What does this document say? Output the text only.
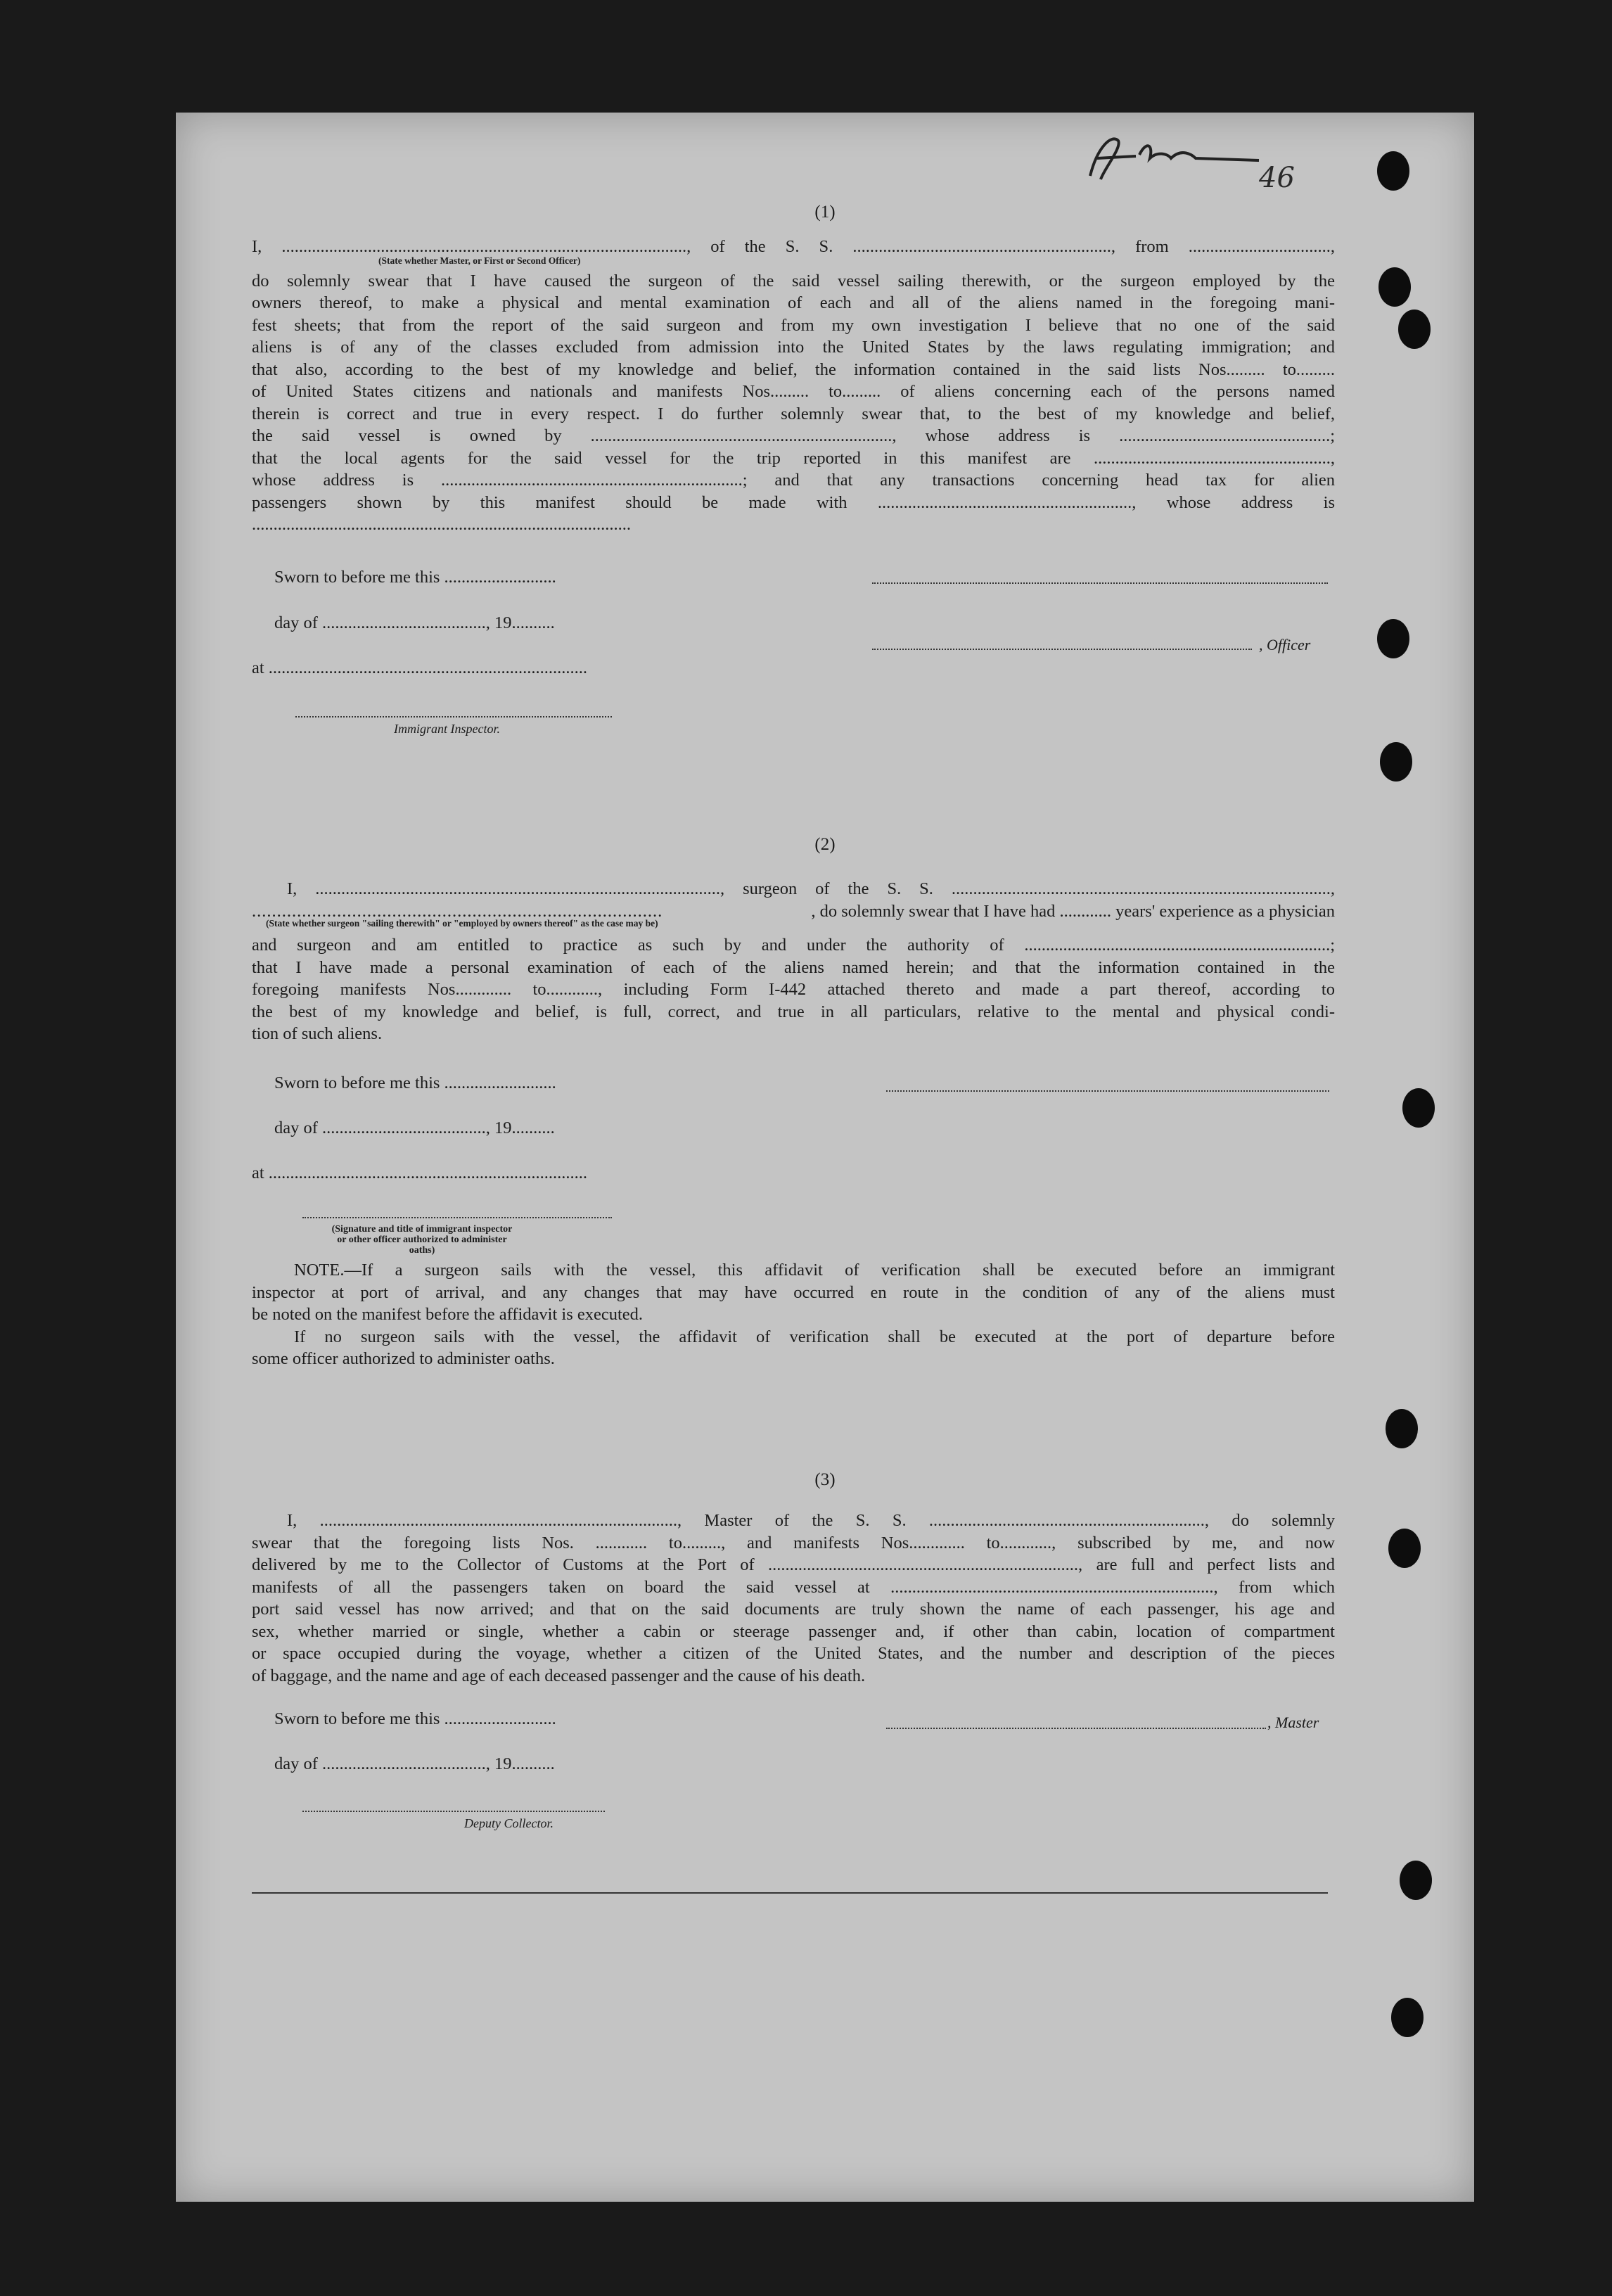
46
(1)
I, .............................................................................................., of the S. S. ............................................................, from .................................,
(State whether Master, or First or Second Officer)
do solemnly swear that I have caused the surgeon of the said vessel sailing therewith, or the surgeon employed by the
owners thereof, to make a physical and mental examination of each and all of the aliens named in the foregoing mani-
fest sheets; that from the report of the said surgeon and from my own investigation I believe that no one of the said
aliens is of any of the classes excluded from admission into the United States by the laws regulating immigration; and
that also, according to the best of my knowledge and belief, the information contained in the said lists Nos......... to.........
of United States citizens and nationals and manifests Nos......... to......... of aliens concerning each of the persons named
therein is correct and true in every respect. I do further solemnly swear that, to the best of my knowledge and belief,
the said vessel is owned by ......................................................................, whose address is .................................................;
that the local agents for the said vessel for the trip reported in this manifest are .......................................................,
whose address is ......................................................................; and that any transactions concerning head tax for alien
passengers shown by this manifest should be made with ..........................................................., whose address is
........................................................................................
Sworn to before me this ..........................
day of ......................................, 19..........
, Officer
at ..........................................................................
Immigrant Inspector.
(2)
I, .............................................................................................., surgeon of the S. S. ........................................................................................,
..................................................................................	, do solemnly swear that I have had ............ years' experience as a physician
(State whether surgeon "sailing therewith" or "employed by owners thereof" as the case may be)
and surgeon and am entitled to practice as such by and under the authority of .......................................................................;
that I have made a personal examination of each of the aliens named herein; and that the information contained in the
foregoing manifests Nos............. to............, including Form I-442 attached thereto and made a part thereof, according to
the best of my knowledge and belief, is full, correct, and true in all particulars, relative to the mental and physical condi-
tion of such aliens.
Sworn to before me this ..........................
day of ......................................, 19..........
at ..........................................................................
(Signature and title of immigrant inspector or other officer authorized to administer oaths)
NOTE.—If a surgeon sails with the vessel, this affidavit of verification shall be executed before an immigrant
inspector at port of arrival, and any changes that may have occurred en route in the condition of any of the aliens must
be noted on the manifest before the affidavit is executed.
If no surgeon sails with the vessel, the affidavit of verification shall be executed at the port of departure before
some officer authorized to administer oaths.
(3)
I, ..................................................................................., Master of the S. S. ................................................................, do solemnly
swear that the foregoing lists Nos. ............ to........., and manifests Nos............. to............, subscribed by me, and now
delivered by me to the Collector of Customs at the Port of ........................................................................, are full and perfect lists and
manifests of all the passengers taken on board the said vessel at ..........................................................................., from which
port said vessel has now arrived; and that on the said documents are truly shown the name of each passenger, his age and
sex, whether married or single, whether a cabin or steerage passenger and, if other than cabin, location of compartment
or space occupied during the voyage, whether a citizen of the United States, and the number and description of the pieces
of baggage, and the name and age of each deceased passenger and the cause of his death.
Sworn to before me this ..........................	, Master
day of ......................................, 19..........
Deputy Collector.
